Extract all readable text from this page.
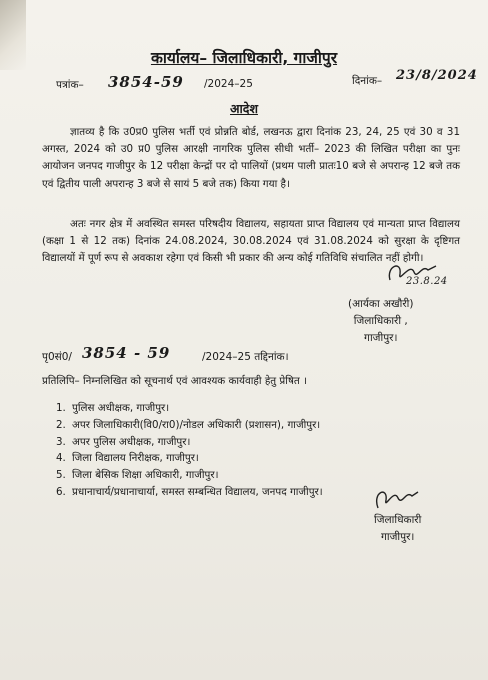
कार्यालय– जिलाधिकारी, गाजीपुर
पत्रांक– 3854-59 /2024–25	दिनांक– 23/8/2024
आदेश
ज्ञातव्य है कि उ0प्र0 पुलिस भर्ती एवं प्रोन्नति बोर्ड, लखनऊ द्वारा दिनांक 23, 24, 25 एवं 30 व 31 अगस्त, 2024 को उ0 प्र0 पुलिस आरक्षी नागरिक पुलिस सीधी भर्ती– 2023 की लिखित परीक्षा का पुनः आयोजन जनपद गाजीपुर के 12 परीक्षा केन्द्रों पर दो पालियों (प्रथम पाली प्रातः10 बजे से अपरान्ह 12 बजे तक एवं द्वितीय पाली अपरान्ह 3 बजे से सायं 5 बजे तक) किया गया है।
अतः नगर क्षेत्र में अवस्थित समस्त परिषदीय विद्यालय, सहायता प्राप्त विद्यालय एवं मान्यता प्राप्त विद्यालय (कक्षा 1 से 12 तक) दिनांक 24.08.2024, 30.08.2024 एवं 31.08.2024 को सुरक्षा के दृष्टिगत विद्यालयों में पूर्ण रूप से अवकाश रहेगा एवं किसी भी प्रकार की अन्य कोई गतिविधि संचालित नहीं होगी।
23.8.24
(आर्यका अखौरी)
जिलाधिकारी ,
गाजीपुर।
पृ0सं0/ 3854 - 59	/2024–25 तद्दिनांक।
प्रतिलिपि– निम्नलिखित को सूचनार्थ एवं आवश्यक कार्यवाही हेतु प्रेषित ।
1. पुलिस अधीक्षक, गाजीपुर।
2. अपर जिलाधिकारी(वि0/रा0)/नोडल अधिकारी (प्रशासन), गाजीपुर।
3. अपर पुलिस अधीक्षक, गाजीपुर।
4. जिला विद्यालय निरीक्षक, गाजीपुर।
5. जिला बेसिक शिक्षा अधिकारी, गाजीपुर।
6. प्रधानाचार्य/प्रधानाचार्या, समस्त सम्बन्धित विद्यालय, जनपद गाजीपुर।
जिलाधिकारी
गाजीपुर।
